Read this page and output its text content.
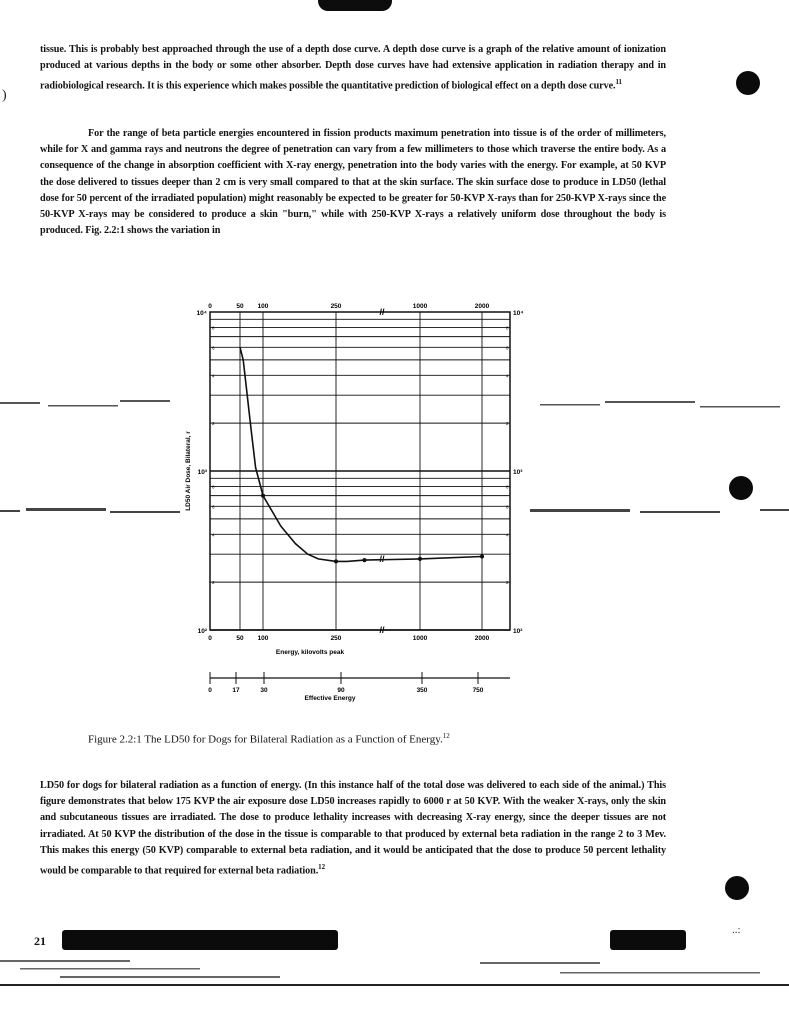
)

tissue. This is probably best approached through the use of a depth dose curve. A depth dose curve is a graph of the relative amount of ionization produced at various depths in the body or some other absorber. Depth dose curves have had extensive application in radiation therapy and in radiobiological research. It is this experience which makes possible the quantitative prediction of biological effect on a depth dose curve.$^{11}$

For the range of beta particle energies encountered in fission products maximum penetration into tissue is of the order of millimeters, while for X and gamma rays and neutrons the degree of penetration can vary from a few millimeters to those which traverse the entire body. As a consequence of the change in absorption coefficient with X-ray energy, penetration into the body varies with the energy. For example, at 50 KVP the dose delivered to tissues deeper than 2 cm is very small compared to that at the skin surface. The skin surface dose to produce in LD50 (lethal dose for 50 percent of the irradiated population) might reasonably be expected to be greater for 50-KVP X-rays than for 250-KVP X-rays since the 50-KVP X-rays may be considered to produce a skin "burn," while with 250-KVP X-rays a relatively uniform dose throughout the body is produced. Fig. 2.2:1 shows the variation in

0	50 100	250	1000	2000
0	50 100	250	1000	2000
10⁴
10³
10²
10⁴
10³
10²
8	8
6	6
4	4
2	2
8	8
6	6
4	4
2	2
//
//
//
Energy, kilovolts peak
LD50 Air Dose, Bilateral, r
0	17	30	90	350	750
Effective Energy
Figure 2.2:1 The LD50 for Dogs for Bilateral Radiation as a Function of Energy.$^{12}$

LD50 for dogs for bilateral radiation as a function of energy. (In this instance half of the total dose was delivered to each side of the animal.) This figure demonstrates that below 175 KVP the air exposure dose LD50 increases rapidly to 6000 r at 50 KVP. With the weaker X-rays, only the skin and subcutaneous tissues are irradiated. The dose to produce lethality increases with decreasing X-ray energy, since the deeper tissues are not irradiated. At 50 KVP the distribution of the dose in the tissue is comparable to that produced by external beta radiation in the range 2 to 3 Mev. This makes this energy (50 KVP) comparable to external beta radiation, and it would be anticipated that the dose to produce 50 percent lethality would be comparable to that required for external beta radiation.$^{12}$

21
..:
